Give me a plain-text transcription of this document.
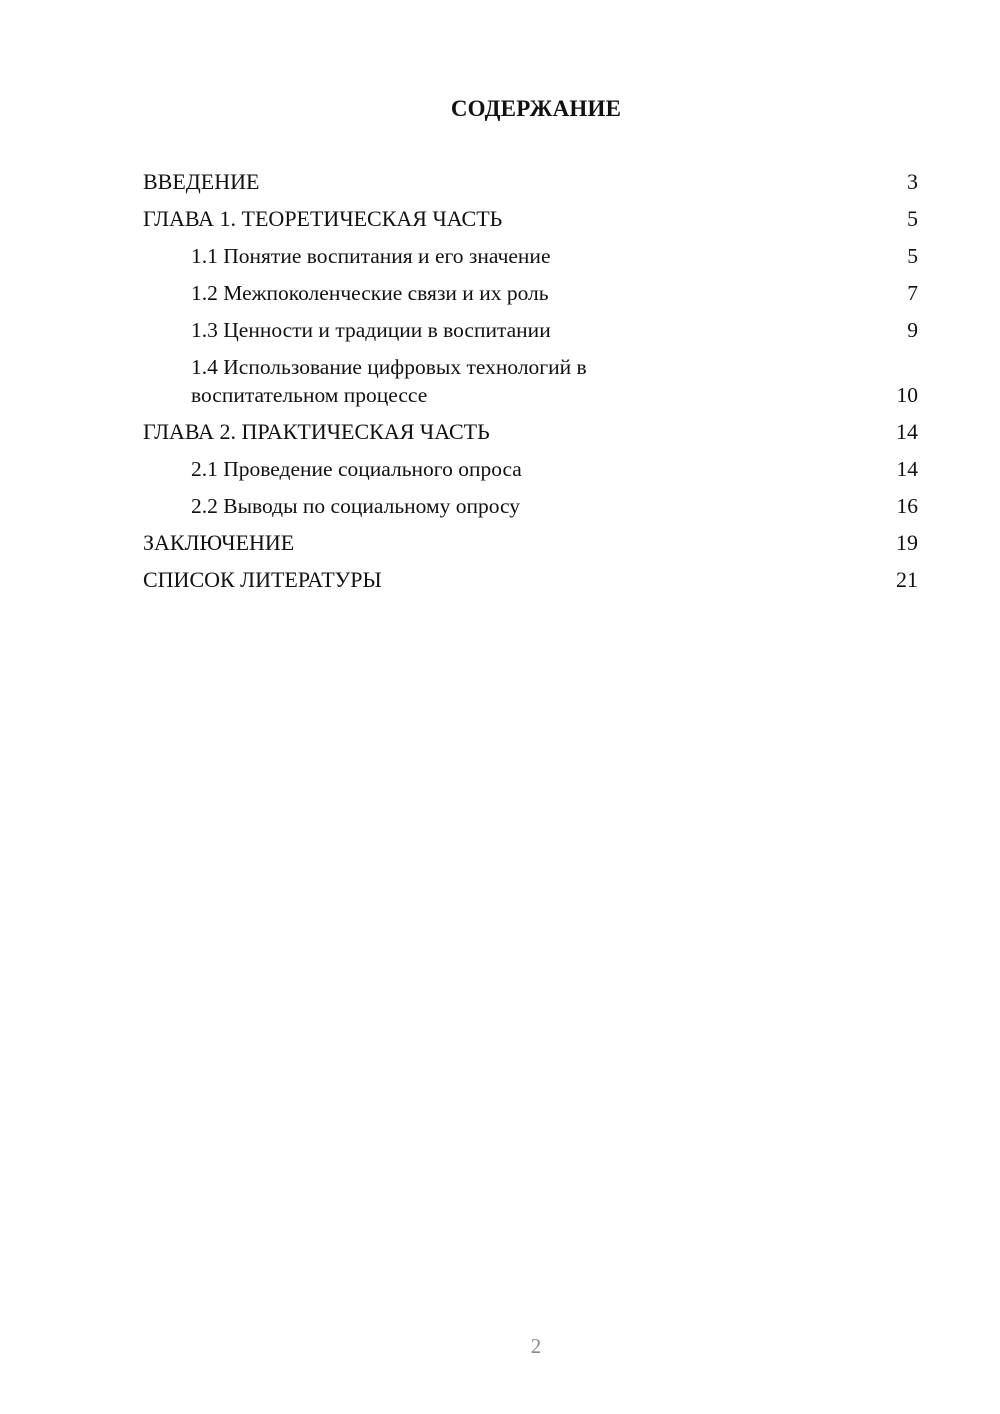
СОДЕРЖАНИЕ
ВВЕДЕНИЕ	3
ГЛАВА 1. ТЕОРЕТИЧЕСКАЯ ЧАСТЬ	5
1.1 Понятие воспитания и его значение	5
1.2 Межпоколенческие связи и их роль	7
1.3 Ценности и традиции в воспитании	9
1.4 Использование цифровых технологий в воспитательном процессе	10
ГЛАВА 2. ПРАКТИЧЕСКАЯ ЧАСТЬ	14
2.1 Проведение социального опроса	14
2.2 Выводы по социальному опросу	16
ЗАКЛЮЧЕНИЕ	19
СПИСОК ЛИТЕРАТУРЫ	21
2
